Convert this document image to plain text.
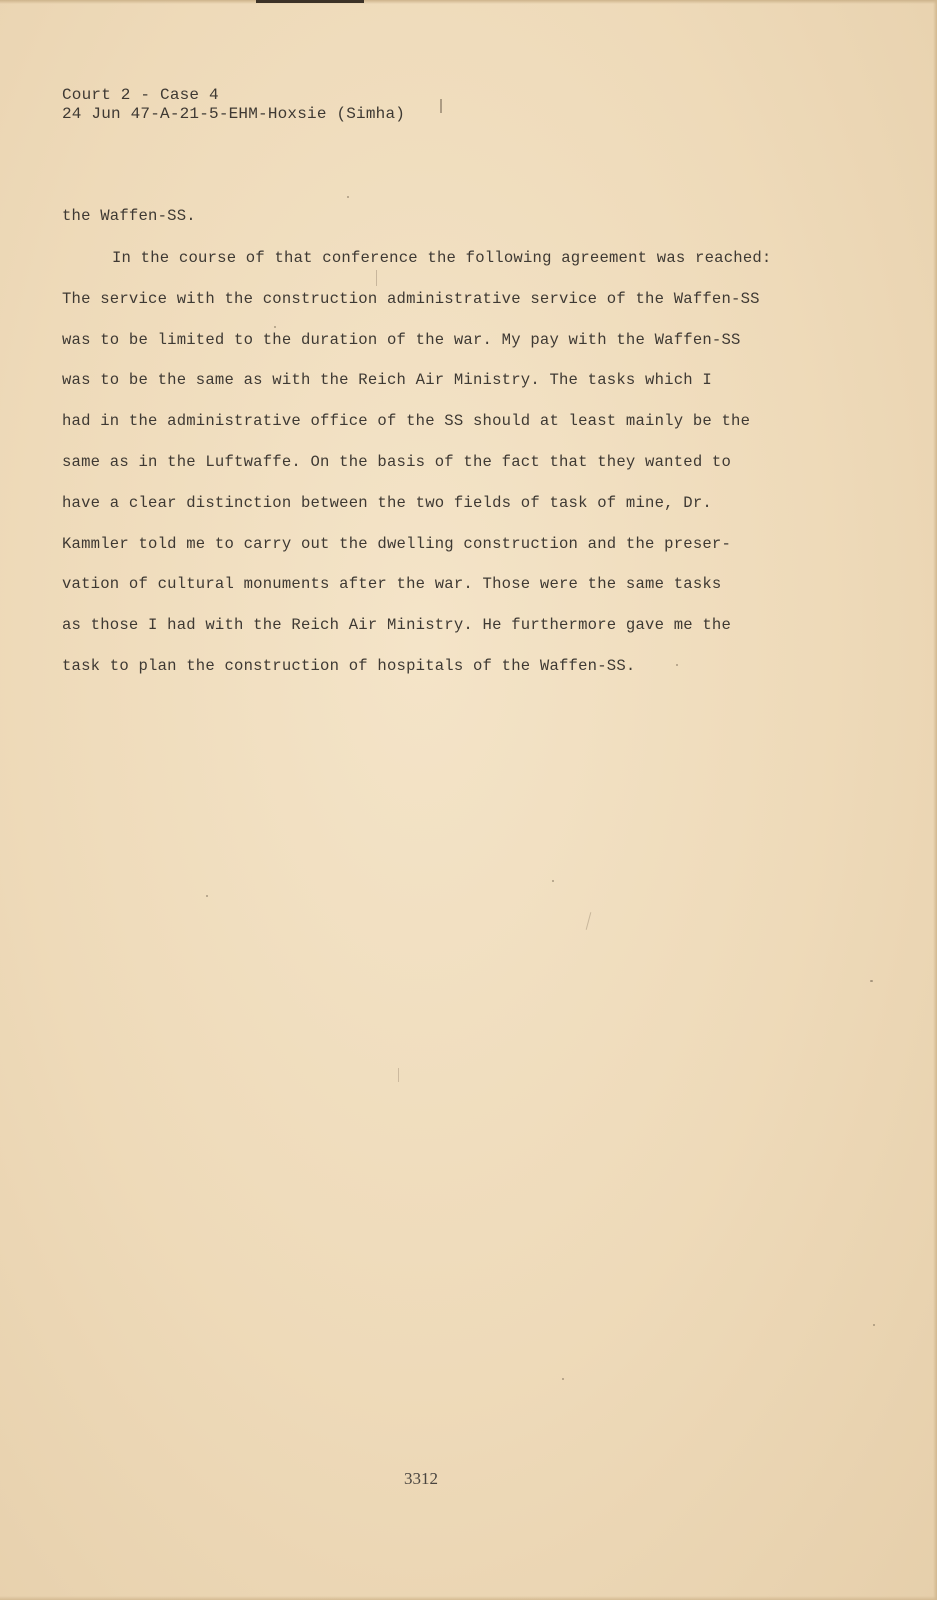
Court 2 - Case 4
24 Jun 47-A-21-5-EHM-Hoxsie (Simha)
the Waffen-SS.
In the course of that conference the following agreement was reached:
The service with the construction administrative service of the Waffen-SS
was to be limited to the duration of the war. My pay with the Waffen-SS
was to be the same as with the Reich Air Ministry. The tasks which I
had in the administrative office of the SS should at least mainly be the
same as in the Luftwaffe. On the basis of the fact that they wanted to
have a clear distinction between the two fields of task of mine, Dr.
Kammler told me to carry out the dwelling construction and the preser-
vation of cultural monuments after the war. Those were the same tasks
as those I had with the Reich Air Ministry. He furthermore gave me the
task to plan the construction of hospitals of the Waffen-SS.
3312
